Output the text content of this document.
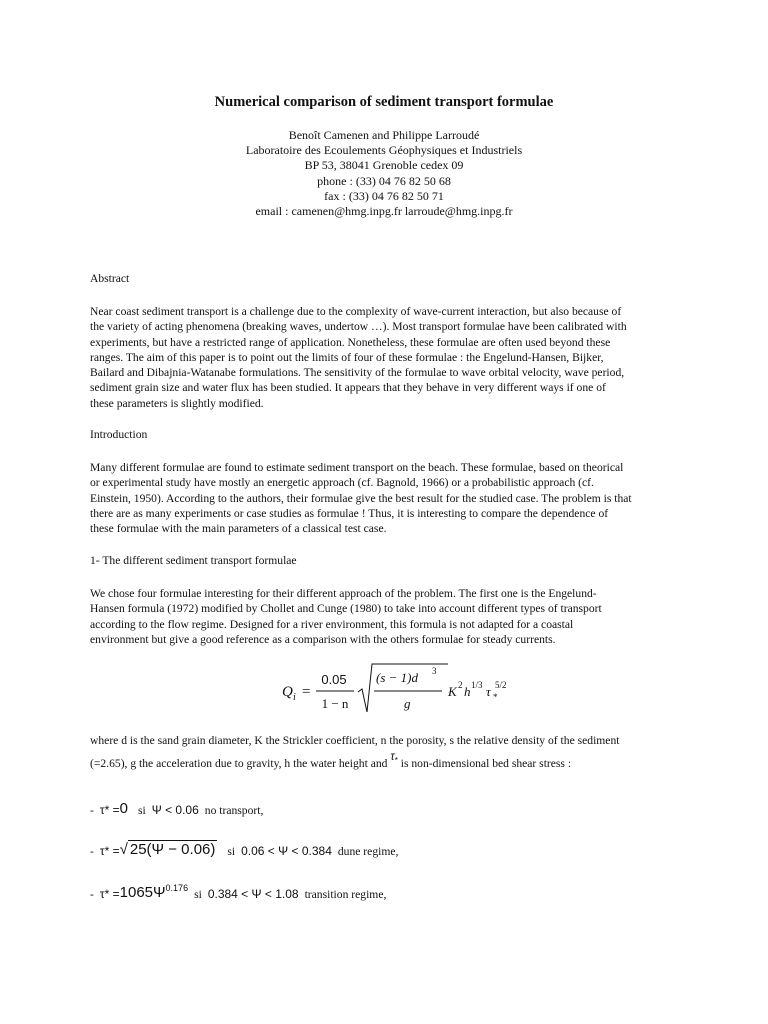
Numerical comparison of sediment transport formulae
Benoît Camenen and Philippe Larroudé
Laboratoire des Ecoulements Géophysiques et Industriels
BP 53, 38041 Grenoble cedex 09
phone : (33) 04 76 82 50 68
fax : (33) 04 76 82 50 71
email : camenen@hmg.inpg.fr larroude@hmg.inpg.fr
Abstract
Near coast sediment transport is a challenge due to the complexity of wave-current interaction, but also because of
the variety of acting phenomena (breaking waves, undertow …). Most transport formulae have been calibrated with
experiments, but have a restricted range of application. Nonetheless, these formulae are often used beyond these
ranges. The aim of this paper is to point out the limits of four of these formulae : the Engelund-Hansen, Bijker,
Bailard and Dibajnia-Watanabe formulations. The sensitivity of the formulae to wave orbital velocity, wave period,
sediment grain size and water flux has been studied. It appears that they behave in very different ways if one of
these parameters is slightly modified.
Introduction
Many different formulae are found to estimate sediment transport on the beach. These formulae, based on theorical
or experimental study have mostly an energetic approach (cf. Bagnold, 1966) or a probabilistic approach (cf.
Einstein, 1950). According to the authors, their formulae give the best result for the studied case. The problem is that
there are as many experiments or case studies as formulae ! Thus, it is interesting to compare the dependence of
these formulae with the main parameters of a classical test case.
1- The different sediment transport formulae
We chose four formulae interesting for their different approach of the problem. The first one is the Engelund-
Hansen formula (1972) modified by Chollet and Cunge (1980) to take into account different types of transport
according to the flow regime. Designed for a river environment, this formula is not adapted for a coastal
environment but give a good reference as a comparison with the others formulae for steady currents.
Q i =
0.05
1 − n
(s − 1)d 3
g
K 2 h 1/3 τ *
5/2
where d is the sand grain diameter, K the Strickler coefficient, n the porosity, s the relative density of the sediment
(=2.65), g the acceleration due to gravity, h the water height and τ* is non-dimensional bed shear stress :
- τ* = 0 si Ψ < 0.06 no transport,
- τ* = √ 25(Ψ − 0.06) si 0.06 < Ψ < 0.384 dune regime,
- τ* = 1065Ψ 0.176 si 0.384 < Ψ < 1.08 transition regime,
